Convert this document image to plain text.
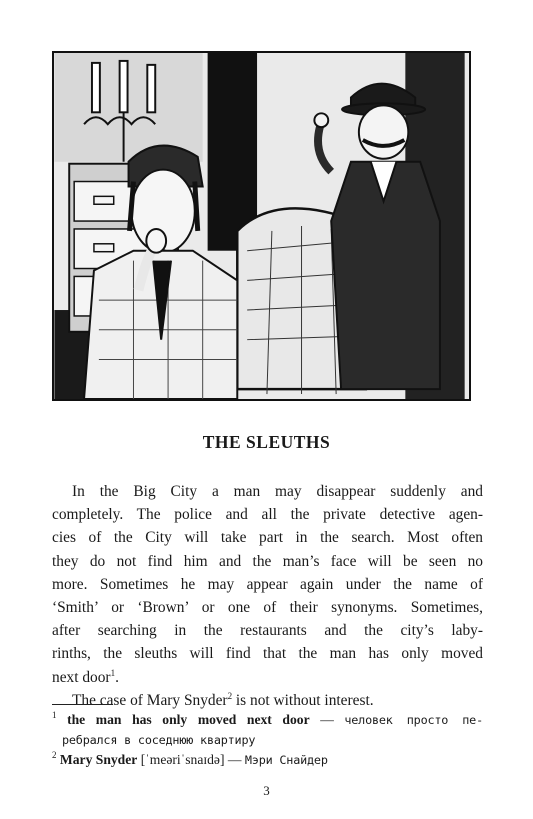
THE SLEUTHS

In the Big City a man may disappear suddenly and
completely. The police and all the private detective agen-
cies of the City will take part in the search. Most often
they do not find him and the man’s face will be seen no
more. Sometimes he may appear again under the name of
‘Smith’ or ‘Brown’ or one of their synonyms. Sometimes,
after searching in the restaurants and the city’s laby-
rinths, the sleuths will find that the man has only moved
next door$^1$.

The case of Mary Snyder$^2$ is not without interest.

$^1$ the man has only moved next door — человек просто пе-
ребрался в соседнюю квартиру
$^2$ Mary Snyder [ˈmeəriˈsnaɪdə] — Мэри Снайдер
3
